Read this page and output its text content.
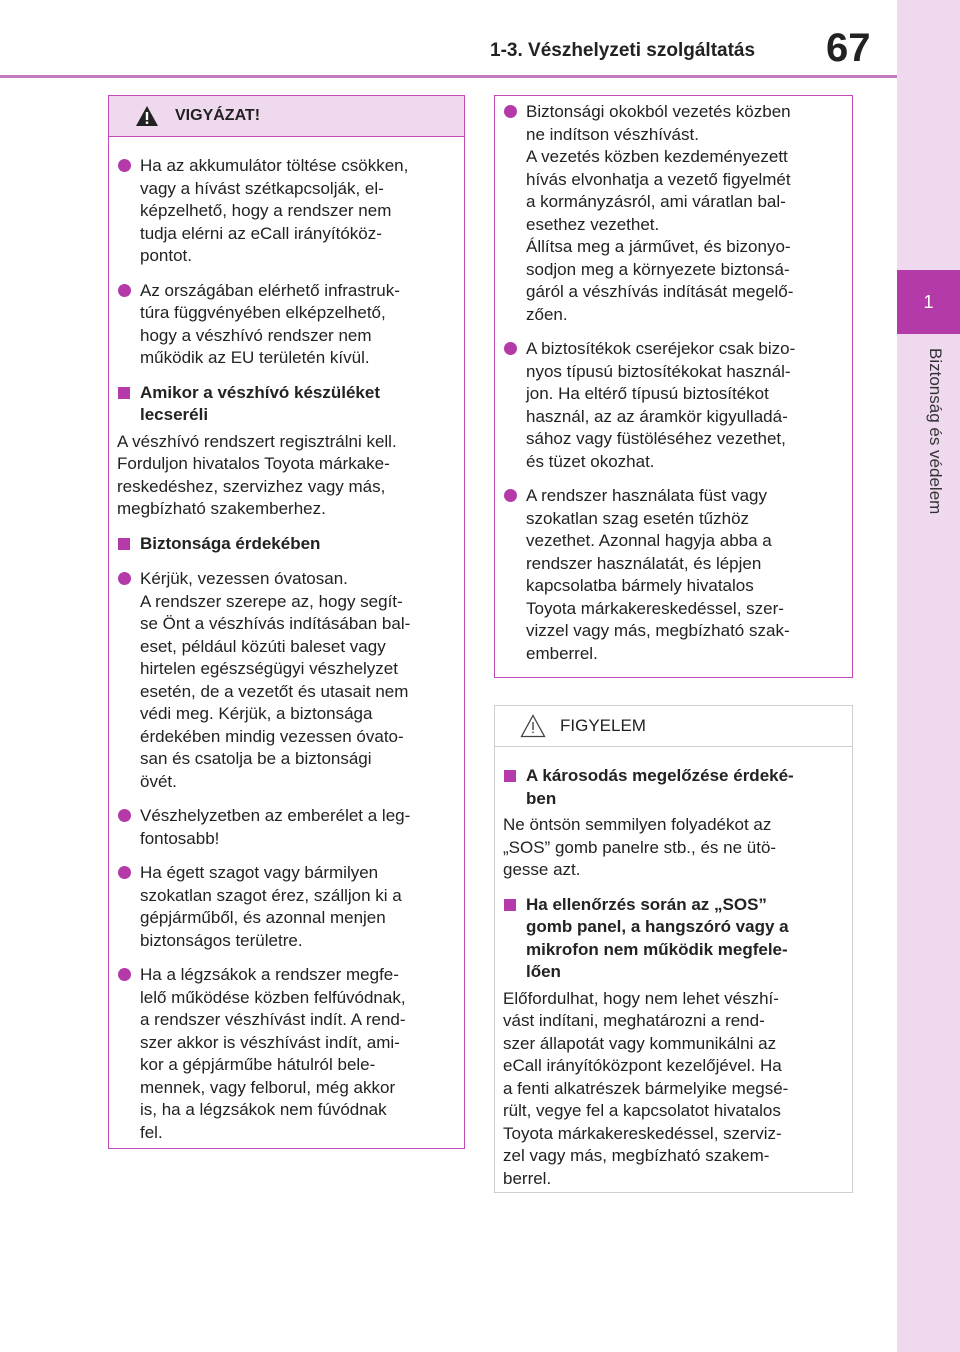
1
Biztonság és védelem
1-3. Vészhelyzeti szolgáltatás 67
VIGYÁZAT!
Ha az akkumulátor töltése csökken,
vagy a hívást szétkapcsolják, el-
képzelhető, hogy a rendszer nem
tudja elérni az eCall irányítóköz-
pontot.
Az országában elérhető infrastruk-
túra függvényében elképzelhető,
hogy a vészhívó rendszer nem
működik az EU területén kívül.
Amikor a vészhívó készüléket
lecseréli
A vészhívó rendszert regisztrálni kell.
Forduljon hivatalos Toyota márkake-
reskedéshez, szervizhez vagy más,
megbízható szakemberhez.
Biztonsága érdekében
Kérjük, vezessen óvatosan.
A rendszer szerepe az, hogy segít-
se Önt a vészhívás indításában bal-
eset, például közúti baleset vagy
hirtelen egészségügyi vészhelyzet
esetén, de a vezetőt és utasait nem
védi meg. Kérjük, a biztonsága
érdekében mindig vezessen óvato-
san és csatolja be a biztonsági
övét.
Vészhelyzetben az emberélet a leg-
fontosabb!
Ha égett szagot vagy bármilyen
szokatlan szagot érez, szálljon ki a
gépjárműből, és azonnal menjen
biztonságos területre.
Ha a légzsákok a rendszer megfe-
lelő működése közben felfúvódnak,
a rendszer vészhívást indít. A rend-
szer akkor is vészhívást indít, ami-
kor a gépjárműbe hátulról bele-
mennek, vagy felborul, még akkor
is, ha a légzsákok nem fúvódnak
fel.
Biztonsági okokból vezetés közben
ne indítson vészhívást.
A vezetés közben kezdeményezett
hívás elvonhatja a vezető figyelmét
a kormányzásról, ami váratlan bal-
esethez vezethet.
Állítsa meg a járművet, és bizonyo-
sodjon meg a környezete biztonsá-
gáról a vészhívás indítását megelő-
zően.
A biztosítékok cseréjekor csak bizo-
nyos típusú biztosítékokat használ-
jon. Ha eltérő típusú biztosítékot
használ, az az áramkör kigyulladá-
sához vagy füstöléséhez vezethet,
és tüzet okozhat.
A rendszer használata füst vagy
szokatlan szag esetén tűzhöz
vezethet. Azonnal hagyja abba a
rendszer használatát, és lépjen
kapcsolatba bármely hivatalos
Toyota márkakereskedéssel, szer-
vizzel vagy más, megbízható szak-
emberrel.
FIGYELEM
A károsodás megelőzése érdeké-
ben
Ne öntsön semmilyen folyadékot az
„SOS” gomb panelre stb., és ne ütö-
gesse azt.
Ha ellenőrzés során az „SOS”
gomb panel, a hangszóró vagy a
mikrofon nem működik megfele-
lően
Előfordulhat, hogy nem lehet vészhí-
vást indítani, meghatározni a rend-
szer állapotát vagy kommunikálni az
eCall irányítóközpont kezelőjével. Ha
a fenti alkatrészek bármelyike megsé-
rült, vegye fel a kapcsolatot hivatalos
Toyota márkakereskedéssel, szerviz-
zel vagy más, megbízható szakem-
berrel.
